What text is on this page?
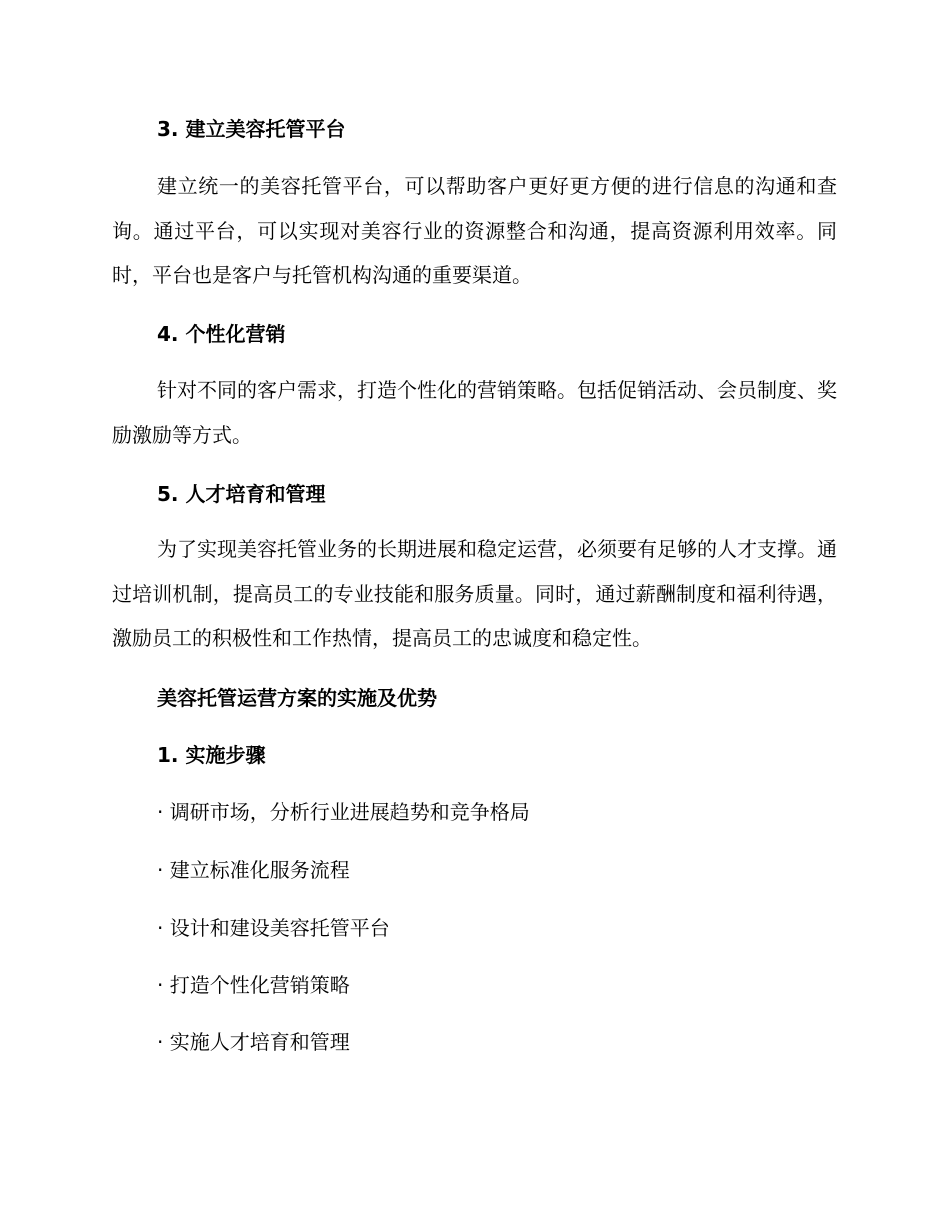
3. 建立美容托管平台
建立统一的美容托管平台，可以帮助客户更好更方便的进行信息的沟通和查询。通过平台，可以实现对美容行业的资源整合和沟通，提高资源利用效率。同时，平台也是客户与托管机构沟通的重要渠道。
4. 个性化营销
针对不同的客户需求，打造个性化的营销策略。包括促销活动、会员制度、奖励激励等方式。
5. 人才培育和管理
为了实现美容托管业务的长期进展和稳定运营，必须要有足够的人才支撑。通过培训机制，提高员工的专业技能和服务质量。同时，通过薪酬制度和福利待遇，激励员工的积极性和工作热情，提高员工的忠诚度和稳定性。
美容托管运营方案的实施及优势
1. 实施步骤
· 调研市场，分析行业进展趋势和竞争格局
· 建立标准化服务流程
· 设计和建设美容托管平台
· 打造个性化营销策略
· 实施人才培育和管理
